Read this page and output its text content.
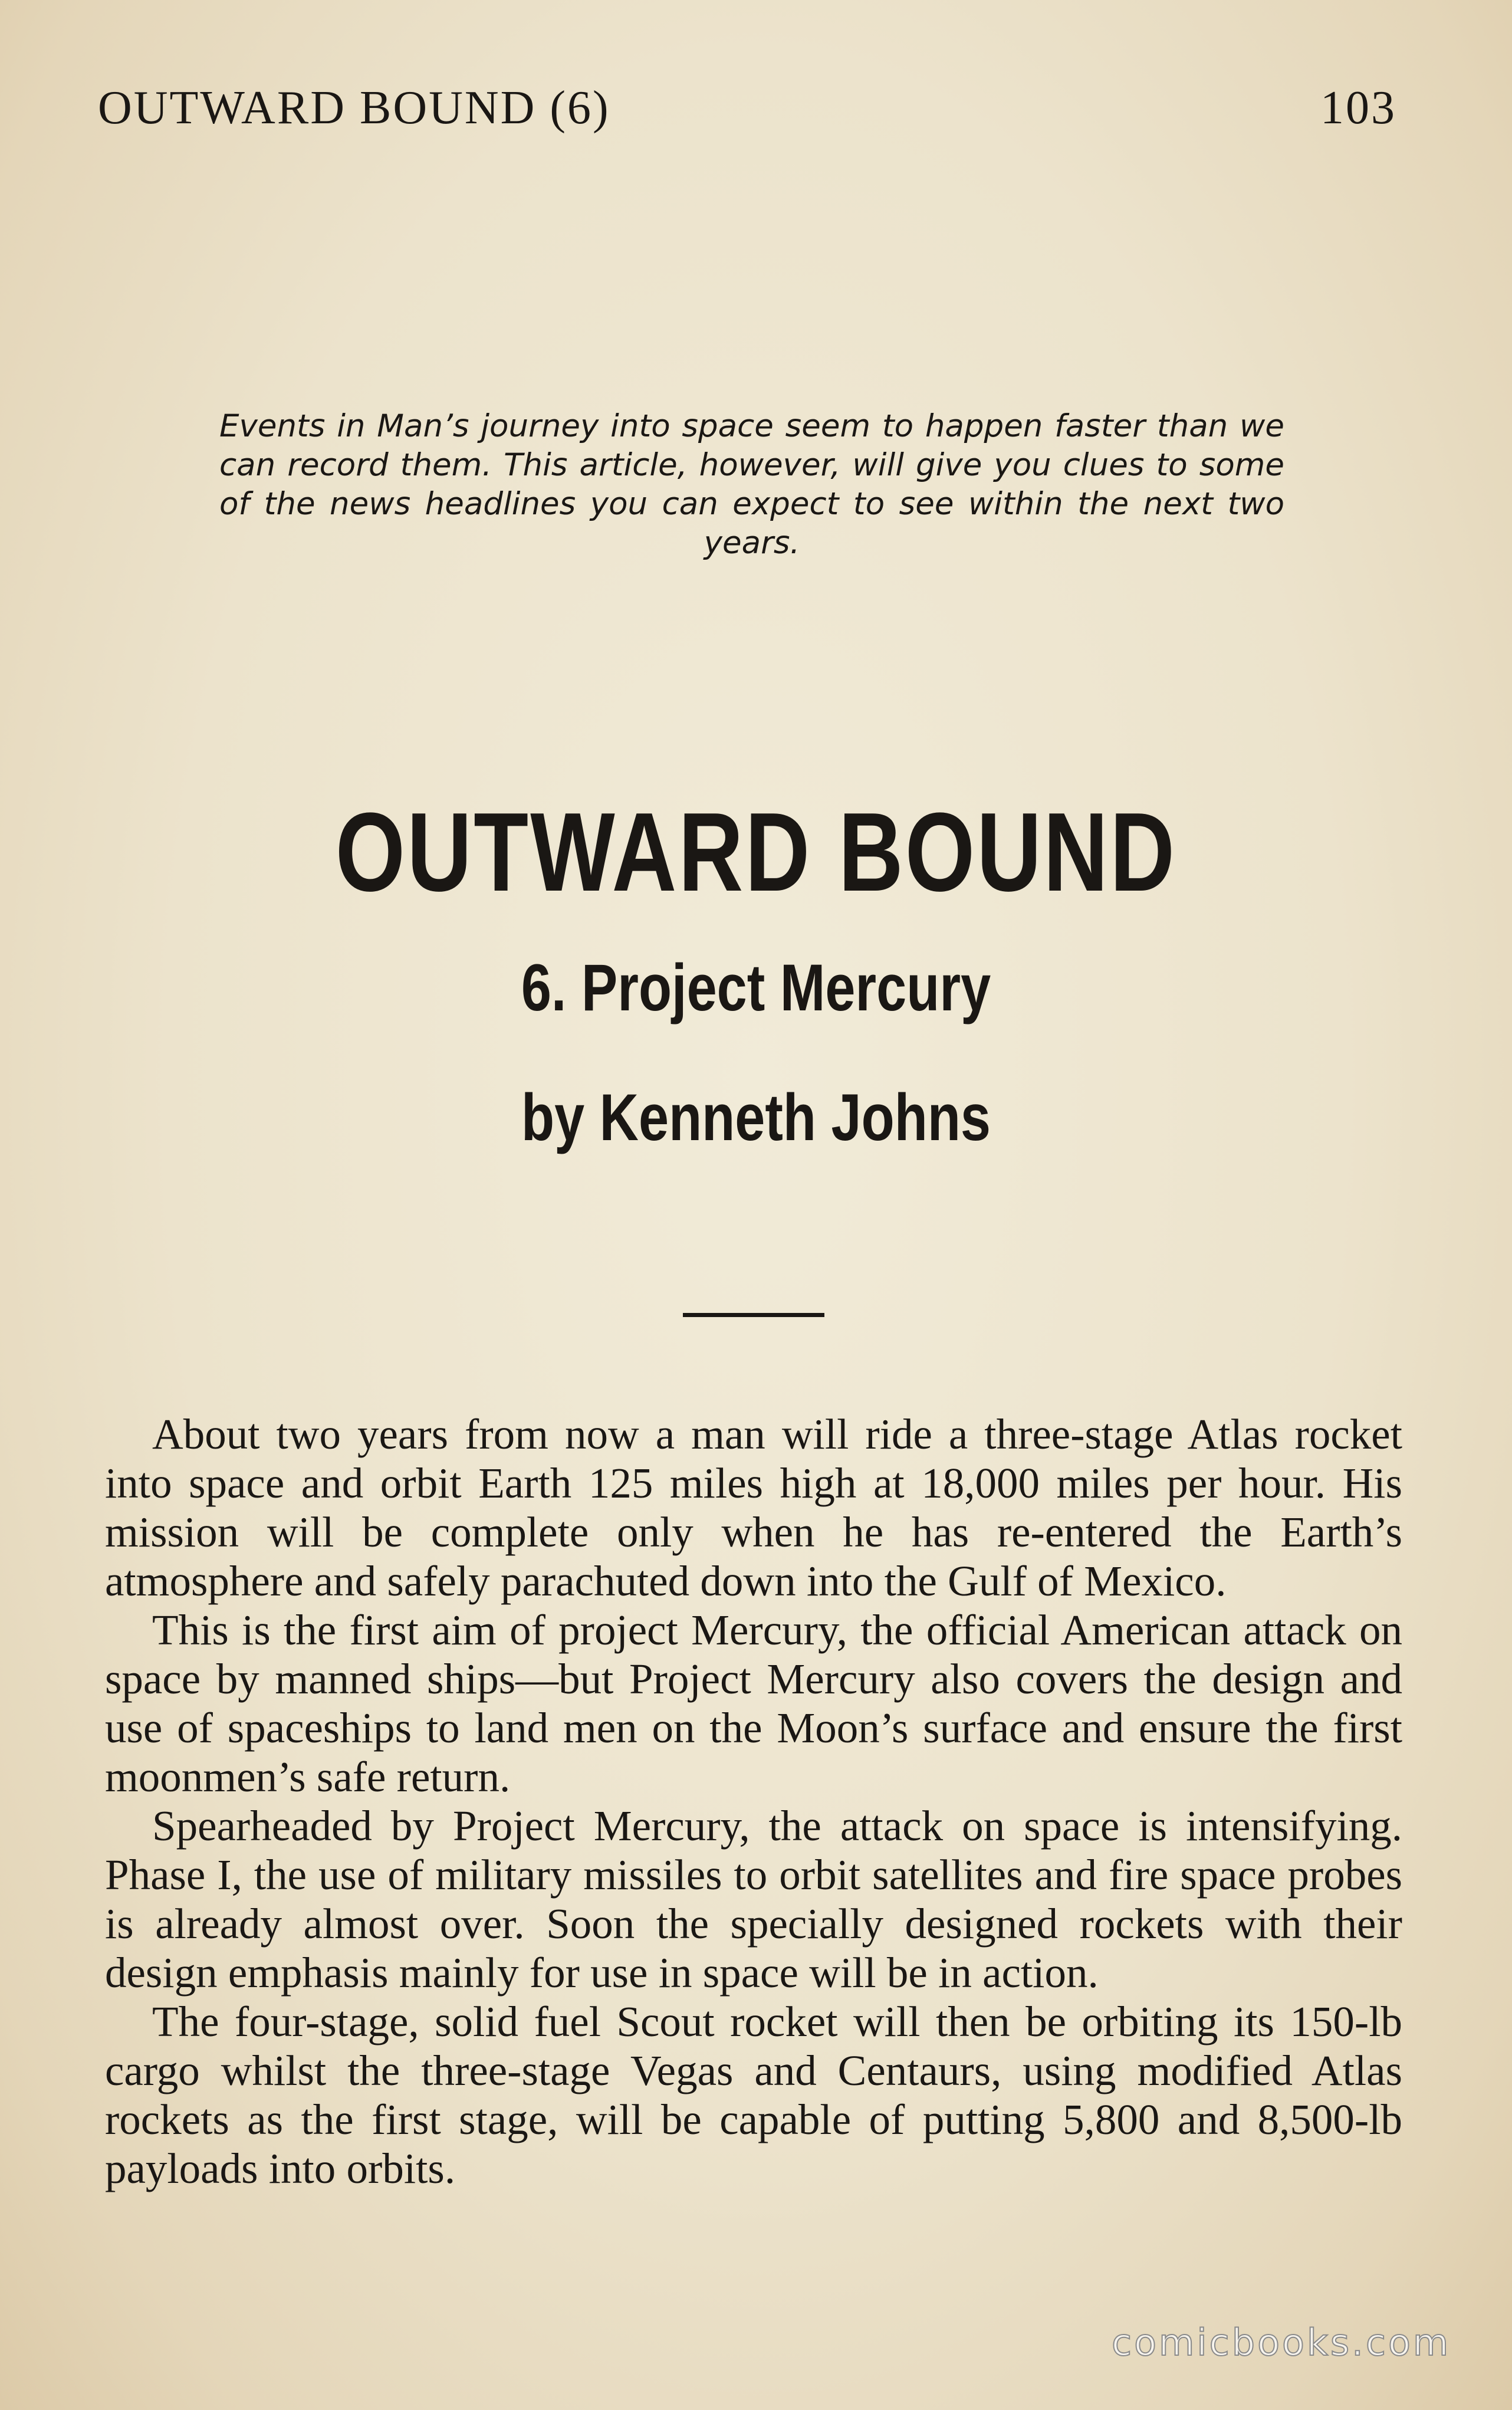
OUTWARD BOUND (6)	103
Events in Man’s journey into space seem to happen faster than we can record them. This article, however, will give you clues to some of the news headlines you can expect to see within the next two years.
OUTWARD BOUND
6. Project Mercury
by Kenneth Johns

About two years from now a man will ride a three-stage Atlas rocket into space and orbit Earth 125 miles high at 18,000 miles per hour. His mission will be complete only when he has re-entered the Earth’s atmosphere and safely parachuted down into the Gulf of Mexico.

This is the first aim of project Mercury, the official American attack on space by manned ships—but Project Mercury also covers the design and use of spaceships to land men on the Moon’s surface and ensure the first moonmen’s safe return.

Spearheaded by Project Mercury, the attack on space is intensifying. Phase I, the use of military missiles to orbit satellites and fire space probes is already almost over. Soon the specially designed rockets with their design emphasis mainly for use in space will be in action.

The four-stage, solid fuel Scout rocket will then be orbiting its 150-lb cargo whilst the three-stage Vegas and Centaurs, using modified Atlas rockets as the first stage, will be capable of putting 5,800 and 8,500-lb payloads into orbits.

comicbooks.com
